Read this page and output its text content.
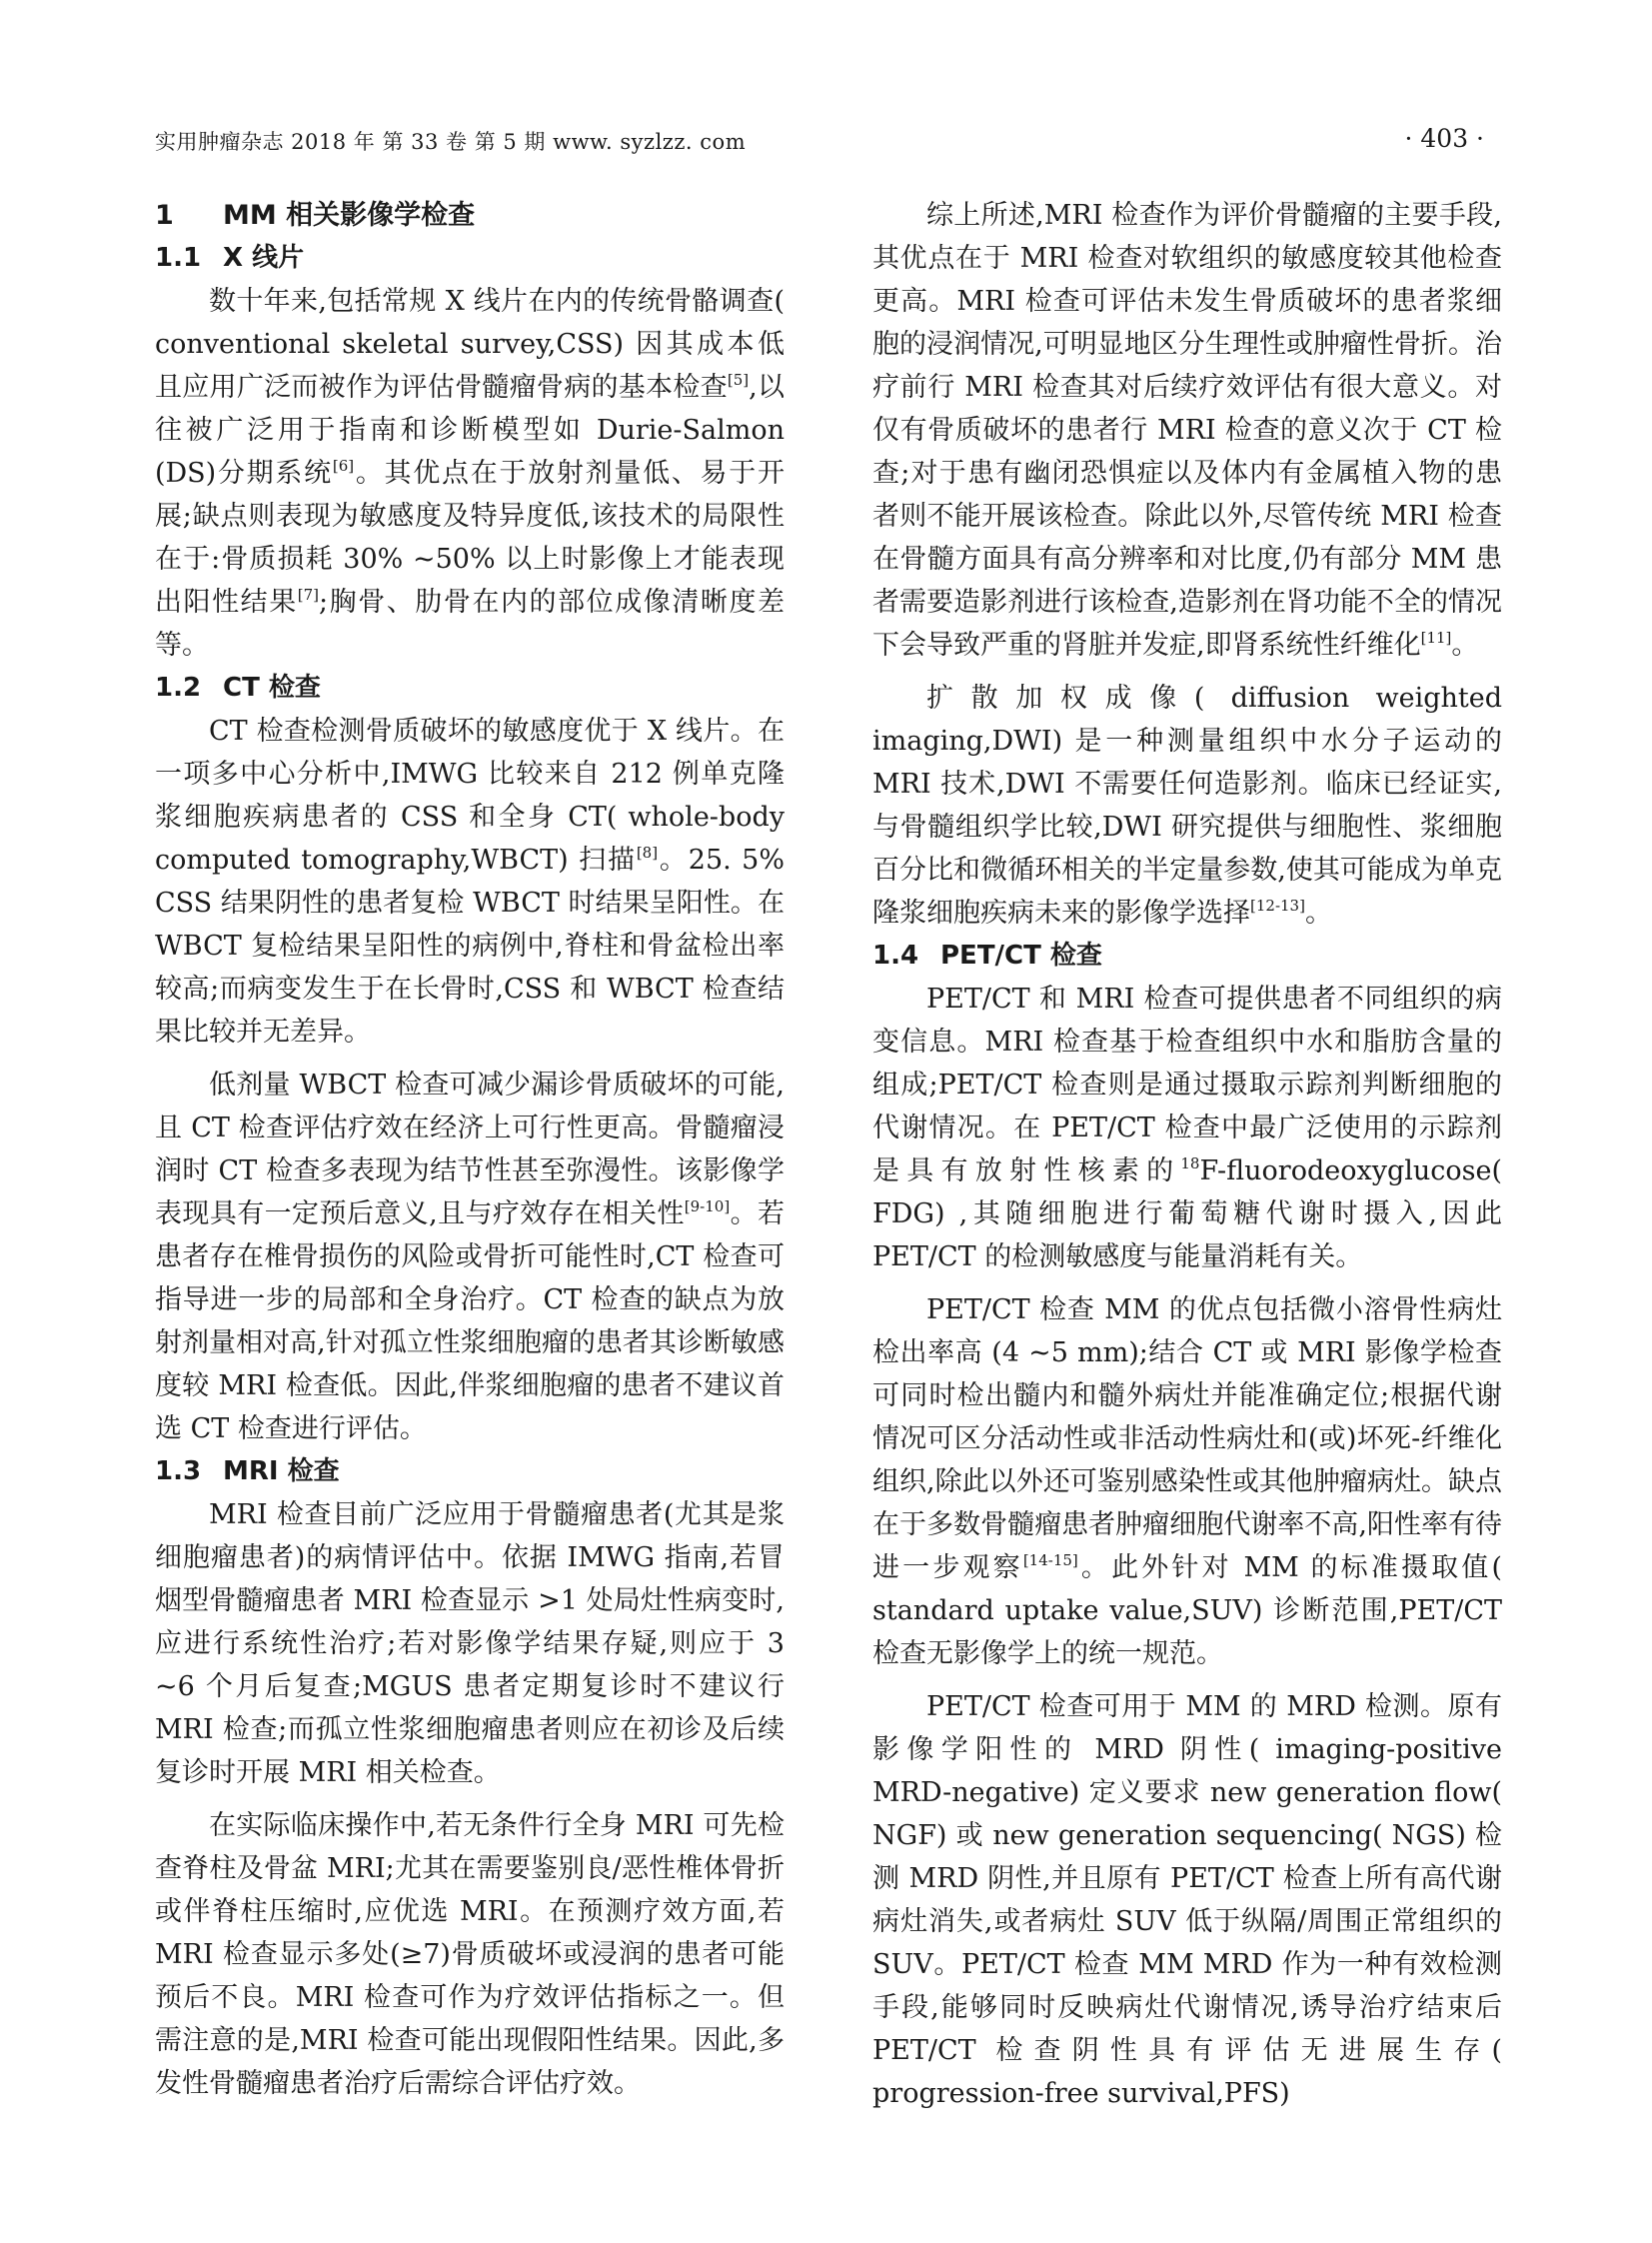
实用肿瘤杂志 2018 年 第 33 卷 第 5 期 www. syzlzz. com	· 403 ·
1 MM 相关影像学检查
1.1 X 线片

数十年来,包括常规 X 线片在内的传统骨骼调查( conventional skeletal survey,CSS) 因其成本低且应用广泛而被作为评估骨髓瘤骨病的基本检查[5],以往被广泛用于指南和诊断模型如 Durie-Salmon (DS)分期系统[6]。其优点在于放射剂量低、易于开展;缺点则表现为敏感度及特异度低,该技术的局限性在于:骨质损耗 30% ~50% 以上时影像上才能表现出阳性结果[7];胸骨、肋骨在内的部位成像清晰度差等。

1.2 CT 检查

CT 检查检测骨质破坏的敏感度优于 X 线片。在一项多中心分析中,IMWG 比较来自 212 例单克隆浆细胞疾病患者的 CSS 和全身 CT( whole-body computed tomography,WBCT) 扫描[8]。25. 5% CSS 结果阴性的患者复检 WBCT 时结果呈阳性。在 WBCT 复检结果呈阳性的病例中,脊柱和骨盆检出率较高;而病变发生于在长骨时,CSS 和 WBCT 检查结果比较并无差异。

低剂量 WBCT 检查可减少漏诊骨质破坏的可能,且 CT 检查评估疗效在经济上可行性更高。骨髓瘤浸润时 CT 检查多表现为结节性甚至弥漫性。该影像学表现具有一定预后意义,且与疗效存在相关性[9-10]。若患者存在椎骨损伤的风险或骨折可能性时,CT 检查可指导进一步的局部和全身治疗。CT 检查的缺点为放射剂量相对高,针对孤立性浆细胞瘤的患者其诊断敏感度较 MRI 检查低。因此,伴浆细胞瘤的患者不建议首选 CT 检查进行评估。

1.3 MRI 检查

MRI 检查目前广泛应用于骨髓瘤患者(尤其是浆细胞瘤患者)的病情评估中。依据 IMWG 指南,若冒烟型骨髓瘤患者 MRI 检查显示 >1 处局灶性病变时,应进行系统性治疗;若对影像学结果存疑,则应于 3 ~6 个月后复查;MGUS 患者定期复诊时不建议行 MRI 检查;而孤立性浆细胞瘤患者则应在初诊及后续复诊时开展 MRI 相关检查。

在实际临床操作中,若无条件行全身 MRI 可先检查脊柱及骨盆 MRI;尤其在需要鉴别良/恶性椎体骨折或伴脊柱压缩时,应优选 MRI。在预测疗效方面,若 MRI 检查显示多处(≥7)骨质破坏或浸润的患者可能预后不良。MRI 检查可作为疗效评估指标之一。但需注意的是,MRI 检查可能出现假阳性结果。因此,多发性骨髓瘤患者治疗后需综合评估疗效。

综上所述,MRI 检查作为评价骨髓瘤的主要手段,其优点在于 MRI 检查对软组织的敏感度较其他检查更高。MRI 检查可评估未发生骨质破坏的患者浆细胞的浸润情况,可明显地区分生理性或肿瘤性骨折。治疗前行 MRI 检查其对后续疗效评估有很大意义。对仅有骨质破坏的患者行 MRI 检查的意义次于 CT 检查;对于患有幽闭恐惧症以及体内有金属植入物的患者则不能开展该检查。除此以外,尽管传统 MRI 检查在骨髓方面具有高分辨率和对比度,仍有部分 MM 患者需要造影剂进行该检查,造影剂在肾功能不全的情况下会导致严重的肾脏并发症,即肾系统性纤维化[11]。

扩散加权成像( diffusion weighted imaging,DWI) 是一种测量组织中水分子运动的 MRI 技术,DWI 不需要任何造影剂。临床已经证实,与骨髓组织学比较,DWI 研究提供与细胞性、浆细胞百分比和微循环相关的半定量参数,使其可能成为单克隆浆细胞疾病未来的影像学选择[12-13]。

1.4 PET/CT 检查

PET/CT 和 MRI 检查可提供患者不同组织的病变信息。MRI 检查基于检查组织中水和脂肪含量的组成;PET/CT 检查则是通过摄取示踪剂判断细胞的代谢情况。在 PET/CT 检查中最广泛使用的示踪剂是具有放射性核素的$^{18}$F-fluorodeoxyglucose( FDG) ,其随细胞进行葡萄糖代谢时摄入,因此 PET/CT 的检测敏感度与能量消耗有关。

PET/CT 检查 MM 的优点包括微小溶骨性病灶检出率高 (4 ~5 mm);结合 CT 或 MRI 影像学检查可同时检出髓内和髓外病灶并能准确定位;根据代谢情况可区分活动性或非活动性病灶和(或)坏死-纤维化组织,除此以外还可鉴别感染性或其他肿瘤病灶。缺点在于多数骨髓瘤患者肿瘤细胞代谢率不高,阳性率有待进一步观察[14-15]。此外针对 MM 的标准摄取值( standard uptake value,SUV) 诊断范围,PET/CT 检查无影像学上的统一规范。

PET/CT 检查可用于 MM 的 MRD 检测。原有影像学阳性的 MRD 阴性( imaging-positive MRD-negative) 定义要求 new generation flow( NGF) 或 new generation sequencing( NGS) 检测 MRD 阴性,并且原有 PET/CT 检查上所有高代谢病灶消失,或者病灶 SUV 低于纵隔/周围正常组织的 SUV。PET/CT 检查 MM MRD 作为一种有效检测手段,能够同时反映病灶代谢情况,诱导治疗结束后 PET/CT 检查阴性具有评估无进展生存( progression-free survival,PFS)
